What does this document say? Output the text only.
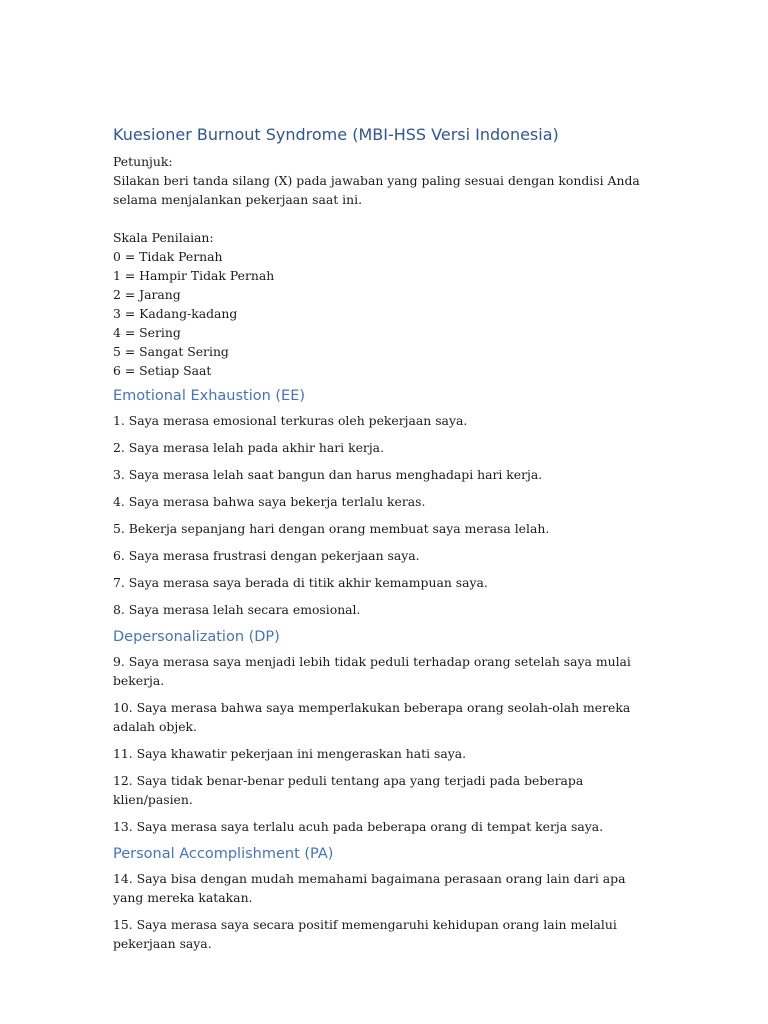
Kuesioner Burnout Syndrome (MBI-HSS Versi Indonesia)

Petunjuk:

Silakan beri tanda silang (X) pada jawaban yang paling sesuai dengan kondisi Anda selama menjalankan pekerjaan saat ini.

Skala Penilaian:

0 = Tidak Pernah
1 = Hampir Tidak Pernah
2 = Jarang
3 = Kadang-kadang
4 = Sering
5 = Sangat Sering
6 = Setiap Saat
Emotional Exhaustion (EE)

1. Saya merasa emosional terkuras oleh pekerjaan saya.

2. Saya merasa lelah pada akhir hari kerja.

3. Saya merasa lelah saat bangun dan harus menghadapi hari kerja.

4. Saya merasa bahwa saya bekerja terlalu keras.

5. Bekerja sepanjang hari dengan orang membuat saya merasa lelah.

6. Saya merasa frustrasi dengan pekerjaan saya.

7. Saya merasa saya berada di titik akhir kemampuan saya.

8. Saya merasa lelah secara emosional.

Depersonalization (DP)

9. Saya merasa saya menjadi lebih tidak peduli terhadap orang setelah saya mulai bekerja.

10. Saya merasa bahwa saya memperlakukan beberapa orang seolah-olah mereka adalah objek.

11. Saya khawatir pekerjaan ini mengeraskan hati saya.

12. Saya tidak benar-benar peduli tentang apa yang terjadi pada beberapa klien/pasien.

13. Saya merasa saya terlalu acuh pada beberapa orang di tempat kerja saya.

Personal Accomplishment (PA)

14. Saya bisa dengan mudah memahami bagaimana perasaan orang lain dari apa yang mereka katakan.

15. Saya merasa saya secara positif memengaruhi kehidupan orang lain melalui pekerjaan saya.
